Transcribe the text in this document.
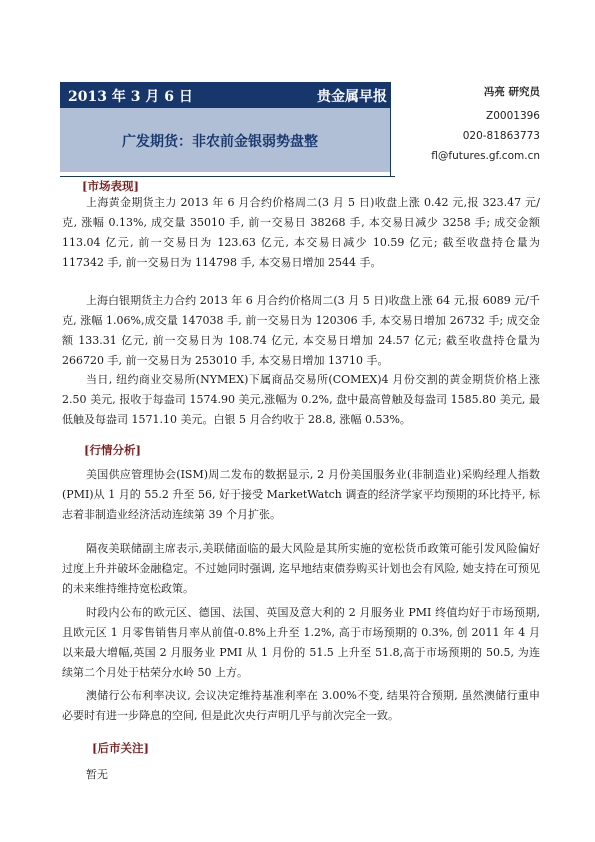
2013 年 3 月 6 日	贵金属早报
广发期货：非农前金银弱势盘整
冯亮 研究员
Z0001396
020-81863773
fl@futures.gf.com.cn
[市场表现]

上海黄金期货主力 2013 年 6 月合约价格周二(3 月 5 日)收盘上涨 0.42 元,报 323.47 元/克, 涨幅 0.13%, 成交量 35010 手, 前一交易日 38268 手, 本交易日减少 3258 手; 成交金额 113.04 亿元, 前一交易日为 123.63 亿元, 本交易日减少 10.59 亿元; 截至收盘持仓量为 117342 手, 前一交易日为 114798 手, 本交易日增加 2544 手。

上海白银期货主力合约 2013 年 6 月合约价格周二(3 月 5 日)收盘上涨 64 元,报 6089 元/千克, 涨幅 1.06%,成交量 147038 手, 前一交易日为 120306 手, 本交易日增加 26732 手; 成交金额 133.31 亿元, 前一交易日为 108.74 亿元, 本交易日增加 24.57 亿元; 截至收盘持仓量为 266720 手, 前一交易日为 253010 手, 本交易日增加 13710 手。

当日, 纽约商业交易所(NYMEX)下属商品交易所(COMEX)4 月份交割的黄金期货价格上涨 2.50 美元, 报收于每盎司 1574.90 美元,涨幅为 0.2%, 盘中最高曾触及每盎司 1585.80 美元, 最低触及每盎司 1571.10 美元。白银 5 月合约收于 28.8, 涨幅 0.53%。

[行情分析]

美国供应管理协会(ISM)周二发布的数据显示, 2 月份美国服务业(非制造业)采购经理人指数(PMI)从 1 月的 55.2 升至 56, 好于接受 MarketWatch 调查的经济学家平均预期的环比持平, 标志着非制造业经济活动连续第 39 个月扩张。

隔夜美联储副主席表示,美联储面临的最大风险是其所实施的宽松货币政策可能引发风险偏好过度上升并破坏金融稳定。不过她同时强调, 迄早地结束债券购买计划也会有风险, 她支持在可预见的未来维持维持宽松政策。

时段内公布的欧元区、德国、法国、英国及意大利的 2 月服务业 PMI 终值均好于市场预期, 且欧元区 1 月零售销售月率从前值-0.8%上升至 1.2%, 高于市场预期的 0.3%, 创 2011 年 4 月以来最大增幅,英国 2 月服务业 PMI 从 1 月份的 51.5 上升至 51.8,高于市场预期的 50.5, 为连续第二个月处于枯荣分水岭 50 上方。

澳储行公布利率决议, 会议决定维持基准利率在 3.00%不变, 结果符合预期, 虽然澳储行重申必要时有进一步降息的空间, 但是此次央行声明几乎与前次完全一致。

[后市关注]

暂无
